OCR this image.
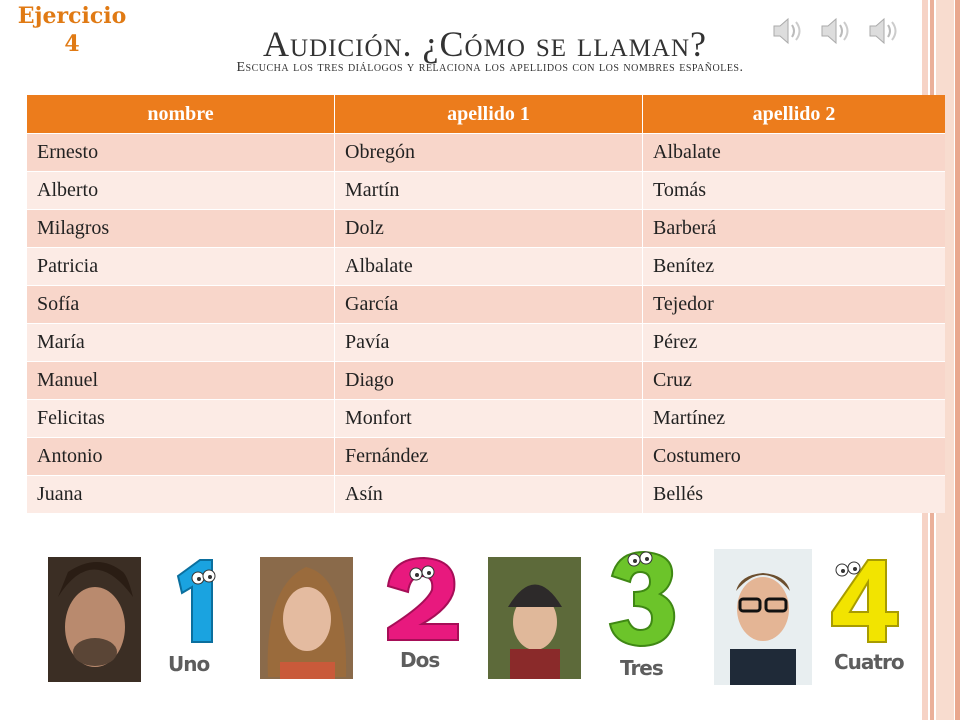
Ejercicio
4	Audición. ¿Cómo se llaman?
Escucha los tres diálogos y relaciona los apellidos con los nombres españoles.
nombre	apellido 1	apellido 2
Ernesto	Obregón	Albalate
Alberto	Martín	Tomás
Milagros	Dolz	Barberá
Patricia	Albalate	Benítez
Sofía	García	Tejedor
María	Pavía	Pérez
Manuel	Diago	Cruz
Felicitas	Monfort	Martínez
Antonio	Fernández	Costumero
Juana	Asín	Bellés
Uno	Dos	Tres	Cuatro
